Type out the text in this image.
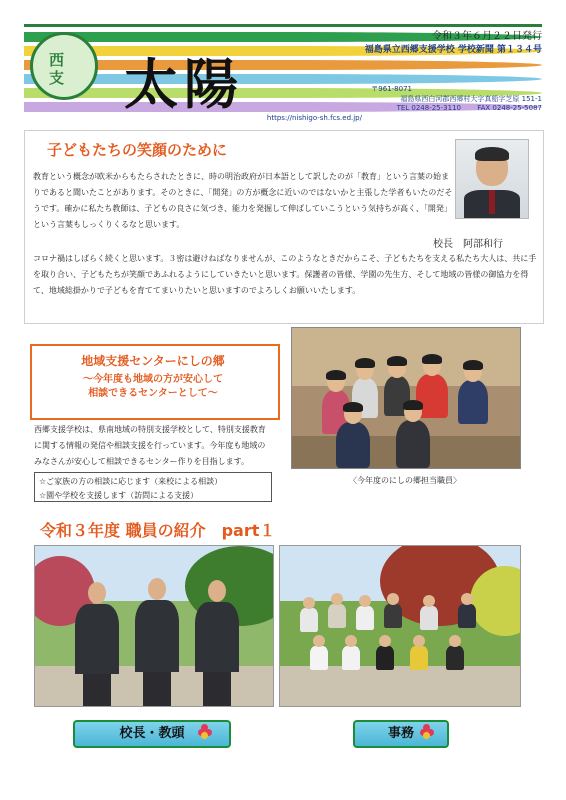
西
支 太陽
令和３年６月２２日発行
福島県立西郷支援学校 学校新聞 第１３４号
〒961-8071
福島県西白河郡西郷村大字真船字芝原 151-1
TEL 0248-25-3110 FAX 0248-25-5087
https://nishigo-sh.fcs.ed.jp/
子どもたちの笑顔のために
教育という概念が欧米からもたらされたときに、時の明治政府が日本語として訳したのが「教育」という言葉の始まりであると聞いたことがあります。そのときに、「開発」の方が概念に近いのではないかと主張した学者もいたのだそうです。確かに私たち教師は、子どもの良さに気づき、能力を発掘して伸ばしていこうという気持ちが高く、「開発」という言葉もしっくりくるなと思います。
校長　阿部和行
コロナ禍はしばらく続くと思います。３密は避けねばなりませんが、このようなときだからこそ、子どもたちを支える私たち大人は、共に手を取り合い、子どもたちが笑顔であふれるようにしていきたいと思います。保護者の皆様、学園の先生方、そして地域の皆様の御協力を得て、地域総掛かりで子どもを育ててまいりたいと思いますのでよろしくお願いいたします。
地域支援センターにしの郷
～今年度も地域の方が安心して
相談できるセンターとして～
西郷支援学校は、県南地域の特別支援学校として、特別支援教育に関する情報の発信や相談支援を行っています。今年度も地域のみなさんが安心して相談できるセンター作りを目指します。
☆ご家族の方の相談に応じます（来校による相談）
☆園や学校を支援します（訪問による支援）
〈今年度のにしの郷担当職員〉
令和３年度 職員の紹介　part１
校長・教頭	事務
